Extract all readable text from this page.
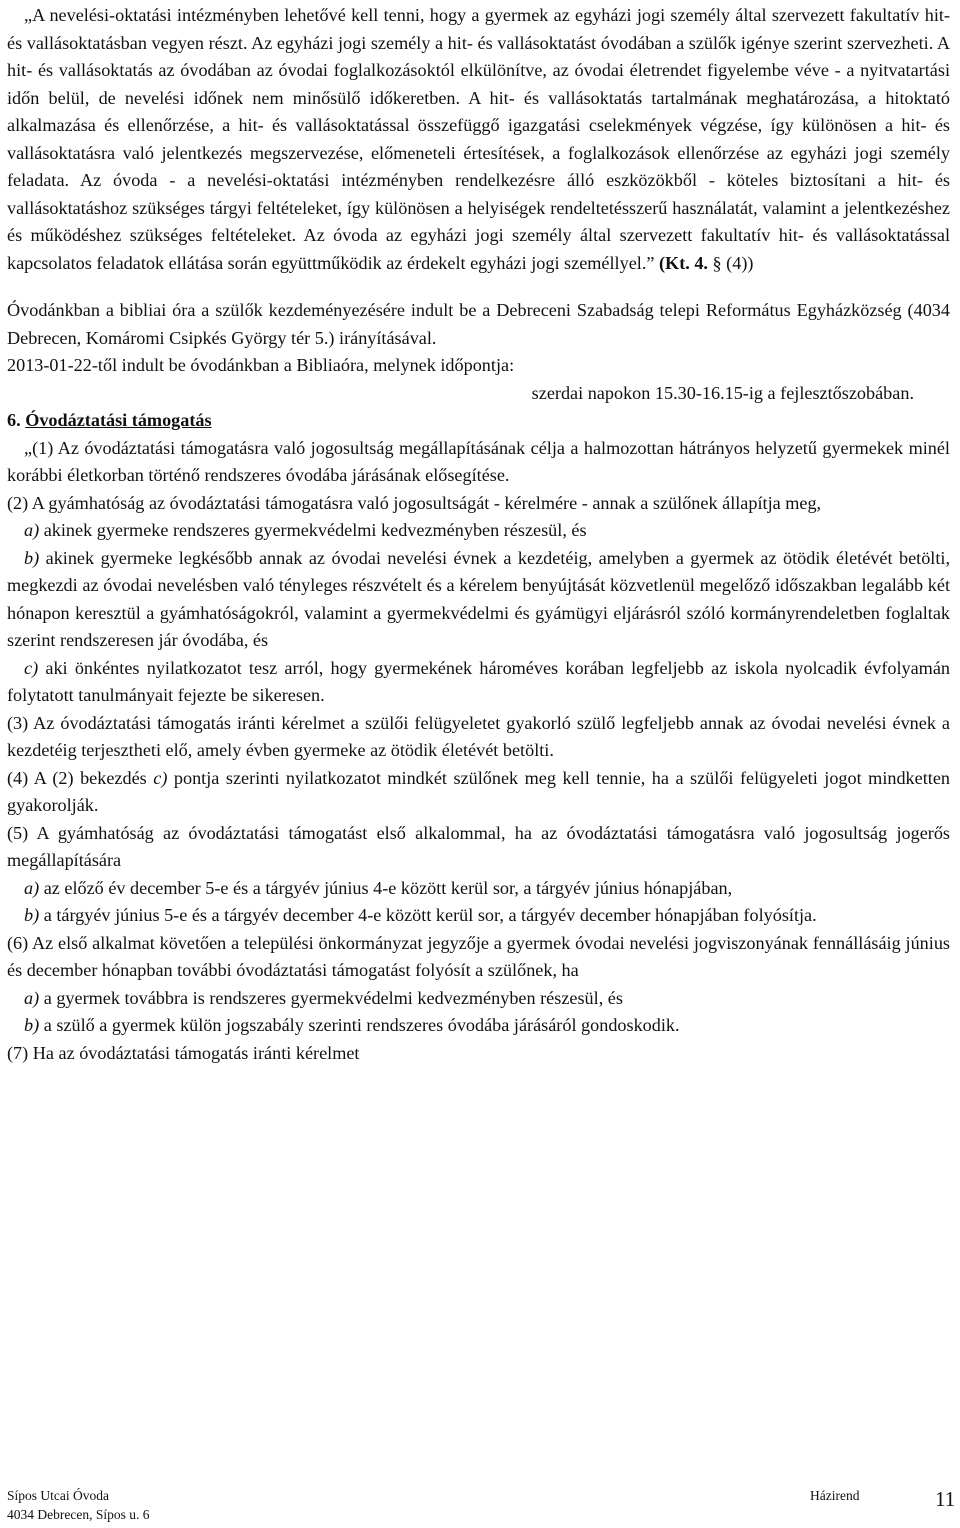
„A nevelési-oktatási intézményben lehetővé kell tenni, hogy a gyermek az egyházi jogi személy által szervezett fakultatív hit- és vallásoktatásban vegyen részt. Az egyházi jogi személy a hit- és vallásoktatást óvodában a szülők igénye szerint szervezheti. A hit- és vallásoktatás az óvodában az óvodai foglalkozásoktól elkülönítve, az óvodai életrendet figyelembe véve - a nyitvatartási időn belül, de nevelési időnek nem minősülő időkeretben. A hit- és vallásoktatás tartalmának meghatározása, a hitoktató alkalmazása és ellenőrzése, a hit- és vallásoktatással összefüggő igazgatási cselekmények végzése, így különösen a hit- és vallásoktatásra való jelentkezés megszervezése, előmeneteli értesítések, a foglalkozások ellenőrzése az egyházi jogi személy feladata. Az óvoda - a nevelési-oktatási intézményben rendelkezésre álló eszközökből - köteles biztosítani a hit- és vallásoktatáshoz szükséges tárgyi feltételeket, így különösen a helyiségek rendeltetésszerű használatát, valamint a jelentkezéshez és működéshez szükséges feltételeket. Az óvoda az egyházi jogi személy által szervezett fakultatív hit- és vallásoktatással kapcsolatos feladatok ellátása során együttműködik az érdekelt egyházi jogi személlyel.” (Kt. 4. § (4))

Óvodánkban a bibliai óra a szülők kezdeményezésére indult be a Debreceni Szabadság telepi Református Egyházközség (4034 Debrecen, Komáromi Csipkés György tér 5.) irányításával.

2013-01-22-től indult be óvodánkban a Bibliaóra, melynek időpontja:

szerdai napokon 15.30-16.15-ig a fejlesztőszobában.

6. Óvodáztatási támogatás

„(1) Az óvodáztatási támogatásra való jogosultság megállapításának célja a halmozottan hátrányos helyzetű gyermekek minél korábbi életkorban történő rendszeres óvodába járásának elősegítése.

(2) A gyámhatóság az óvodáztatási támogatásra való jogosultságát - kérelmére - annak a szülőnek állapítja meg,

a) akinek gyermeke rendszeres gyermekvédelmi kedvezményben részesül, és

b) akinek gyermeke legkésőbb annak az óvodai nevelési évnek a kezdetéig, amelyben a gyermek az ötödik életévét betölti, megkezdi az óvodai nevelésben való tényleges részvételt és a kérelem benyújtását közvetlenül megelőző időszakban legalább két hónapon keresztül a gyámhatóságokról, valamint a gyermekvédelmi és gyámügyi eljárásról szóló kormányrendeletben foglaltak szerint rendszeresen jár óvodába, és

c) aki önkéntes nyilatkozatot tesz arról, hogy gyermekének hároméves korában legfeljebb az iskola nyolcadik évfolyamán folytatott tanulmányait fejezte be sikeresen.

(3) Az óvodáztatási támogatás iránti kérelmet a szülői felügyeletet gyakorló szülő legfeljebb annak az óvodai nevelési évnek a kezdetéig terjesztheti elő, amely évben gyermeke az ötödik életévét betölti.

(4) A (2) bekezdés c) pontja szerinti nyilatkozatot mindkét szülőnek meg kell tennie, ha a szülői felügyeleti jogot mindketten gyakorolják.

(5) A gyámhatóság az óvodáztatási támogatást első alkalommal, ha az óvodáztatási támogatásra való jogosultság jogerős megállapítására

a) az előző év december 5-e és a tárgyév június 4-e között kerül sor, a tárgyév június hónapjában,

b) a tárgyév június 5-e és a tárgyév december 4-e között kerül sor, a tárgyév december hónapjában folyósítja.

(6) Az első alkalmat követően a települési önkormányzat jegyzője a gyermek óvodai nevelési jogviszonyának fennállásáig június és december hónapban további óvodáztatási támogatást folyósít a szülőnek, ha

a) a gyermek továbbra is rendszeres gyermekvédelmi kedvezményben részesül, és

b) a szülő a gyermek külön jogszabály szerinti rendszeres óvodába járásáról gondoskodik.

(7) Ha az óvodáztatási támogatás iránti kérelmet

Sípos Utcai Óvoda
4034 Debrecen, Sípos u. 6
Házirend	11
